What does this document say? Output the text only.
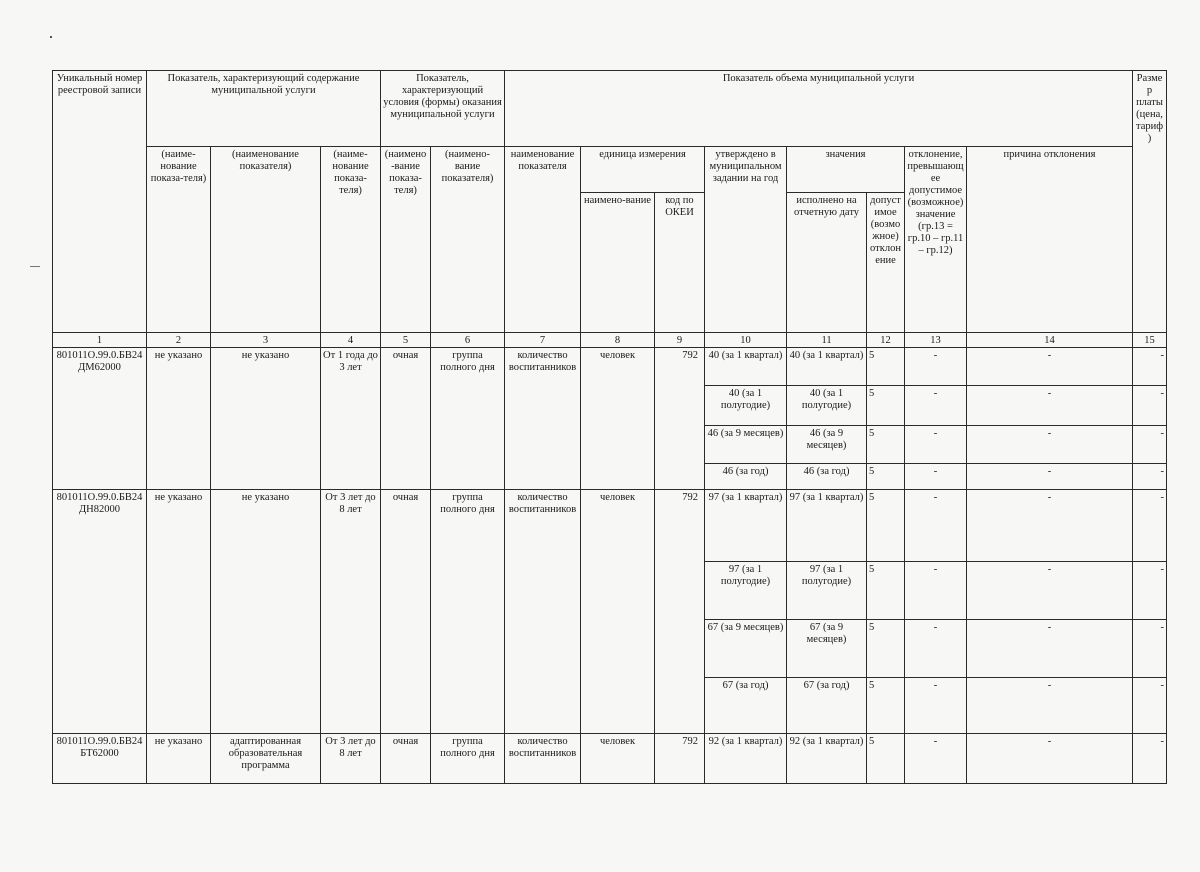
Уникальный номер реестровой записи	Показатель, характеризующий содержание муниципальной услуги			Показатель, характеризующий условия (формы) оказания муниципальной услуги		Показатель объема муниципальной услуги								Размер платы (цена, тариф)
	(наиме-нование показа-теля)	(наименование показателя)	(наиме-нование показа-теля)	(наимено-вание показа-теля)	(наимено-вание показателя)	наименование показателя	единица измерения		утверждено в муниципальном задании на год	значения		отклонение, превышающее допустимое (возможное) значение (гр.13 = гр.10 – гр.11 – гр.12)	причина отклонения	
							наимено-вание	код по ОКЕИ		исполнено на отчетную дату	допустимое (возможное) отклонение			
1	2	3	4	5	6	7	8	9	10	11	12	13	14	15
801011О.99.0.БВ24ДМ62000	не указано	не указано	От 1 года до 3 лет	очная	группа полного дня	количество воспитанников	человек	792	40 (за 1 квартал)	40 (за 1 квартал)	5	-	-	-
									40 (за 1 полугодие)	40 (за 1 полугодие)	5	-	-	-
									46 (за 9 месяцев)	46 (за 9 месяцев)	5	-	-	-
									46 (за год)	46 (за год)	5	-	-	-
801011О.99.0.БВ24ДН82000	не указано	не указано	От 3 лет до 8 лет	очная	группа полного дня	количество воспитанников	человек	792	97 (за 1 квартал)	97 (за 1 квартал)	5	-	-	-
									97 (за 1 полугодие)	97 (за 1 полугодие)	5	-	-	-
									67 (за 9 месяцев)	67 (за 9 месяцев)	5	-	-	-
									67 (за год)	67 (за год)	5	-	-	-
801011О.99.0.БВ24БТ62000	не указано	адаптированная образовательная программа	От 3 лет до 8 лет	очная	группа полного дня	количество воспитанников	человек	792	92 (за 1 квартал)	92 (за 1 квартал)	5	-	-	-
